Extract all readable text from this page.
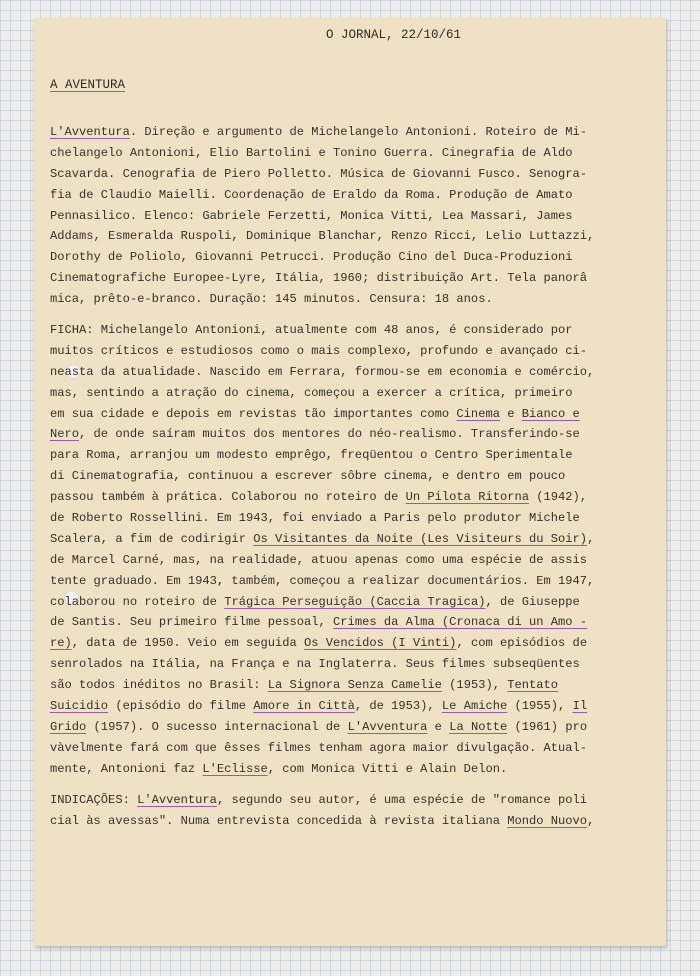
O JORNAL, 22/10/61
A AVENTURA
L'Avventura. Direção e argumento de Michelangelo Antonioni. Roteiro de Mi-
chelangelo Antonioni, Elio Bartolini e Tonino Guerra. Cinegrafia de Aldo
Scavarda. Cenografia de Piero Polletto. Música de Giovanni Fusco. Senogra-
fia de Claudio Maielli. Coordenação de Eraldo da Roma. Produção de Amato
Pennasilico. Elenco: Gabriele Ferzetti, Monica Vitti, Lea Massari, James
Addams, Esmeralda Ruspoli, Dominique Blanchar, Renzo Ricci, Lelio Luttazzi,
Dorothy de Poliolo, Giovanni Petrucci. Produção Cino del Duca-Produzioni
Cinematografiche Europee-Lyre, Itália, 1960; distribuição Art. Tela panorâ
mica, prêto-e-branco. Duração: 145 minutos. Censura: 18 anos.
FICHA: Michelangelo Antonioni, atualmente com 48 anos, é considerado por
muitos críticos e estudiosos como o mais complexo, profundo e avançado ci-
neasta da atualidade. Nascido em Ferrara, formou-se em economia e comércio,
mas, sentindo a atração do cinema, começou a exercer a crítica, primeiro
em sua cidade e depois em revistas tão importantes como Cinema e Bianco e
Nero, de onde saíram muitos dos mentores do néo-realismo. Transferindo-se
para Roma, arranjou um modesto emprêgo, freqüentou o Centro Sperimentale
di Cinematografia, continuou a escrever sôbre cinema, e dentro em pouco
passou também à prática. Colaborou no roteiro de Un Pilota Ritorna (1942),
de Roberto Rossellini. Em 1943, foi enviado a Paris pelo produtor Michele
Scalera, a fim de codirigir Os Visitantes da Noite (Les Visiteurs du Soir),
de Marcel Carné, mas, na realidade, atuou apenas como uma espécie de assis
tente graduado. Em 1943, também, começou a realizar documentários. Em 1947,
colaborou no roteiro de Trágica Perseguição (Caccia Tragica), de Giuseppe
de Santis. Seu primeiro filme pessoal, Crimes da Alma (Cronaca di un Amo -
re), data de 1950. Veio em seguida Os Vencidos (I Vinti), com episódios de
senrolados na Itália, na França e na Inglaterra. Seus filmes subseqüentes
são todos inéditos no Brasil: La Signora Senza Camelie (1953), Tentato
Suicidio (episódio do filme Amore in Città, de 1953), Le Amiche (1955), Il
Grido (1957). O sucesso internacional de L'Avventura e La Notte (1961) pro
vàvelmente fará com que êsses filmes tenham agora maior divulgação. Atual-
mente, Antonioni faz L'Eclisse, com Monica Vitti e Alain Delon.
INDICAÇÕES: L'Avventura, segundo seu autor, é uma espécie de "romance poli
cial às avessas". Numa entrevista concedida à revista italiana Mondo Nuovo,
